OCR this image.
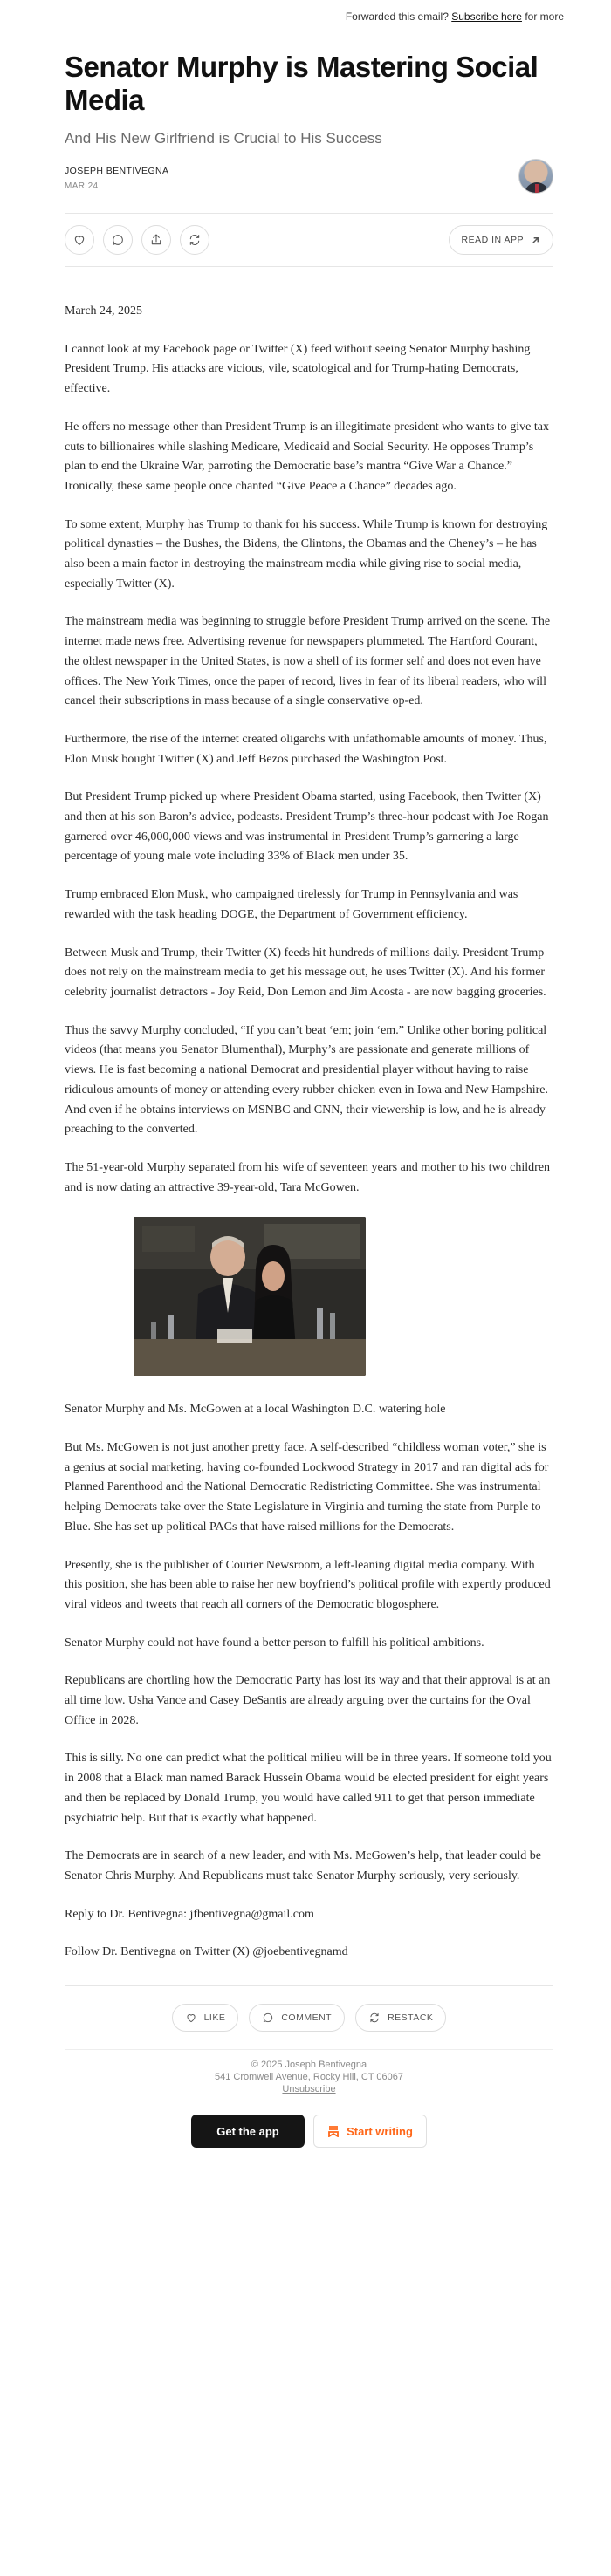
Forwarded this email? Subscribe here for more
Senator Murphy is Mastering Social Media
And His New Girlfriend is Crucial to His Success
JOSEPH BENTIVEGNA
MAR 24
READ IN APP

March 24, 2025

I cannot look at my Facebook page or Twitter (X) feed without seeing Senator Murphy bashing President Trump. His attacks are vicious, vile, scatological and for Trump-hating Democrats, effective.

He offers no message other than President Trump is an illegitimate president who wants to give tax cuts to billionaires while slashing Medicare, Medicaid and Social Security. He opposes Trump’s plan to end the Ukraine War, parroting the Democratic base’s mantra “Give War a Chance.” Ironically, these same people once chanted “Give Peace a Chance” decades ago.

To some extent, Murphy has Trump to thank for his success. While Trump is known for destroying political dynasties – the Bushes, the Bidens, the Clintons, the Obamas and the Cheney’s – he has also been a main factor in destroying the mainstream media while giving rise to social media, especially Twitter (X).

The mainstream media was beginning to struggle before President Trump arrived on the scene. The internet made news free. Advertising revenue for newspapers plummeted. The Hartford Courant, the oldest newspaper in the United States, is now a shell of its former self and does not even have offices. The New York Times, once the paper of record, lives in fear of its liberal readers, who will cancel their subscriptions in mass because of a single conservative op-ed.

Furthermore, the rise of the internet created oligarchs with unfathomable amounts of money. Thus, Elon Musk bought Twitter (X) and Jeff Bezos purchased the Washington Post.

But President Trump picked up where President Obama started, using Facebook, then Twitter (X) and then at his son Baron’s advice, podcasts. President Trump’s three-hour podcast with Joe Rogan garnered over 46,000,000 views and was instrumental in President Trump’s garnering a large percentage of young male vote including 33% of Black men under 35.

Trump embraced Elon Musk, who campaigned tirelessly for Trump in Pennsylvania and was rewarded with the task heading DOGE, the Department of Government efficiency.

Between Musk and Trump, their Twitter (X) feeds hit hundreds of millions daily. President Trump does not rely on the mainstream media to get his message out, he uses Twitter (X). And his former celebrity journalist detractors - Joy Reid, Don Lemon and Jim Acosta - are now bagging groceries.

Thus the savvy Murphy concluded, “If you can’t beat ‘em; join ‘em.” Unlike other boring political videos (that means you Senator Blumenthal), Murphy’s are passionate and generate millions of views. He is fast becoming a national Democrat and presidential player without having to raise ridiculous amounts of money or attending every rubber chicken even in Iowa and New Hampshire. And even if he obtains interviews on MSNBC and CNN, their viewership is low, and he is already preaching to the converted.

The 51-year-old Murphy separated from his wife of seventeen years and mother to his two children and is now dating an attractive 39-year-old, Tara McGowen.

Senator Murphy and Ms. McGowen at a local Washington D.C. watering hole

But Ms. McGowen is not just another pretty face. A self-described “childless woman voter,” she is a genius at social marketing, having co-founded Lockwood Strategy in 2017 and ran digital ads for Planned Parenthood and the National Democratic Redistricting Committee. She was instrumental helping Democrats take over the State Legislature in Virginia and turning the state from Purple to Blue. She has set up political PACs that have raised millions for the Democrats.

Presently, she is the publisher of Courier Newsroom, a left-leaning digital media company. With this position, she has been able to raise her new boyfriend’s political profile with expertly produced viral videos and tweets that reach all corners of the Democratic blogosphere.

Senator Murphy could not have found a better person to fulfill his political ambitions.

Republicans are chortling how the Democratic Party has lost its way and that their approval is at an all time low. Usha Vance and Casey DeSantis are already arguing over the curtains for the Oval Office in 2028.

This is silly. No one can predict what the political milieu will be in three years. If someone told you in 2008 that a Black man named Barack Hussein Obama would be elected president for eight years and then be replaced by Donald Trump, you would have called 911 to get that person immediate psychiatric help. But that is exactly what happened.

The Democrats are in search of a new leader, and with Ms. McGowen’s help, that leader could be Senator Chris Murphy. And Republicans must take Senator Murphy seriously, very seriously.

Reply to Dr. Bentivegna: jfbentivegna@gmail.com

Follow Dr. Bentivegna on Twitter (X) @joebentivegnamd

LIKE	COMMENT	RESTACK
© 2025 Joseph Bentivegna
541 Cromwell Avenue, Rocky Hill, CT 06067
Unsubscribe
Get the app	Start writing
